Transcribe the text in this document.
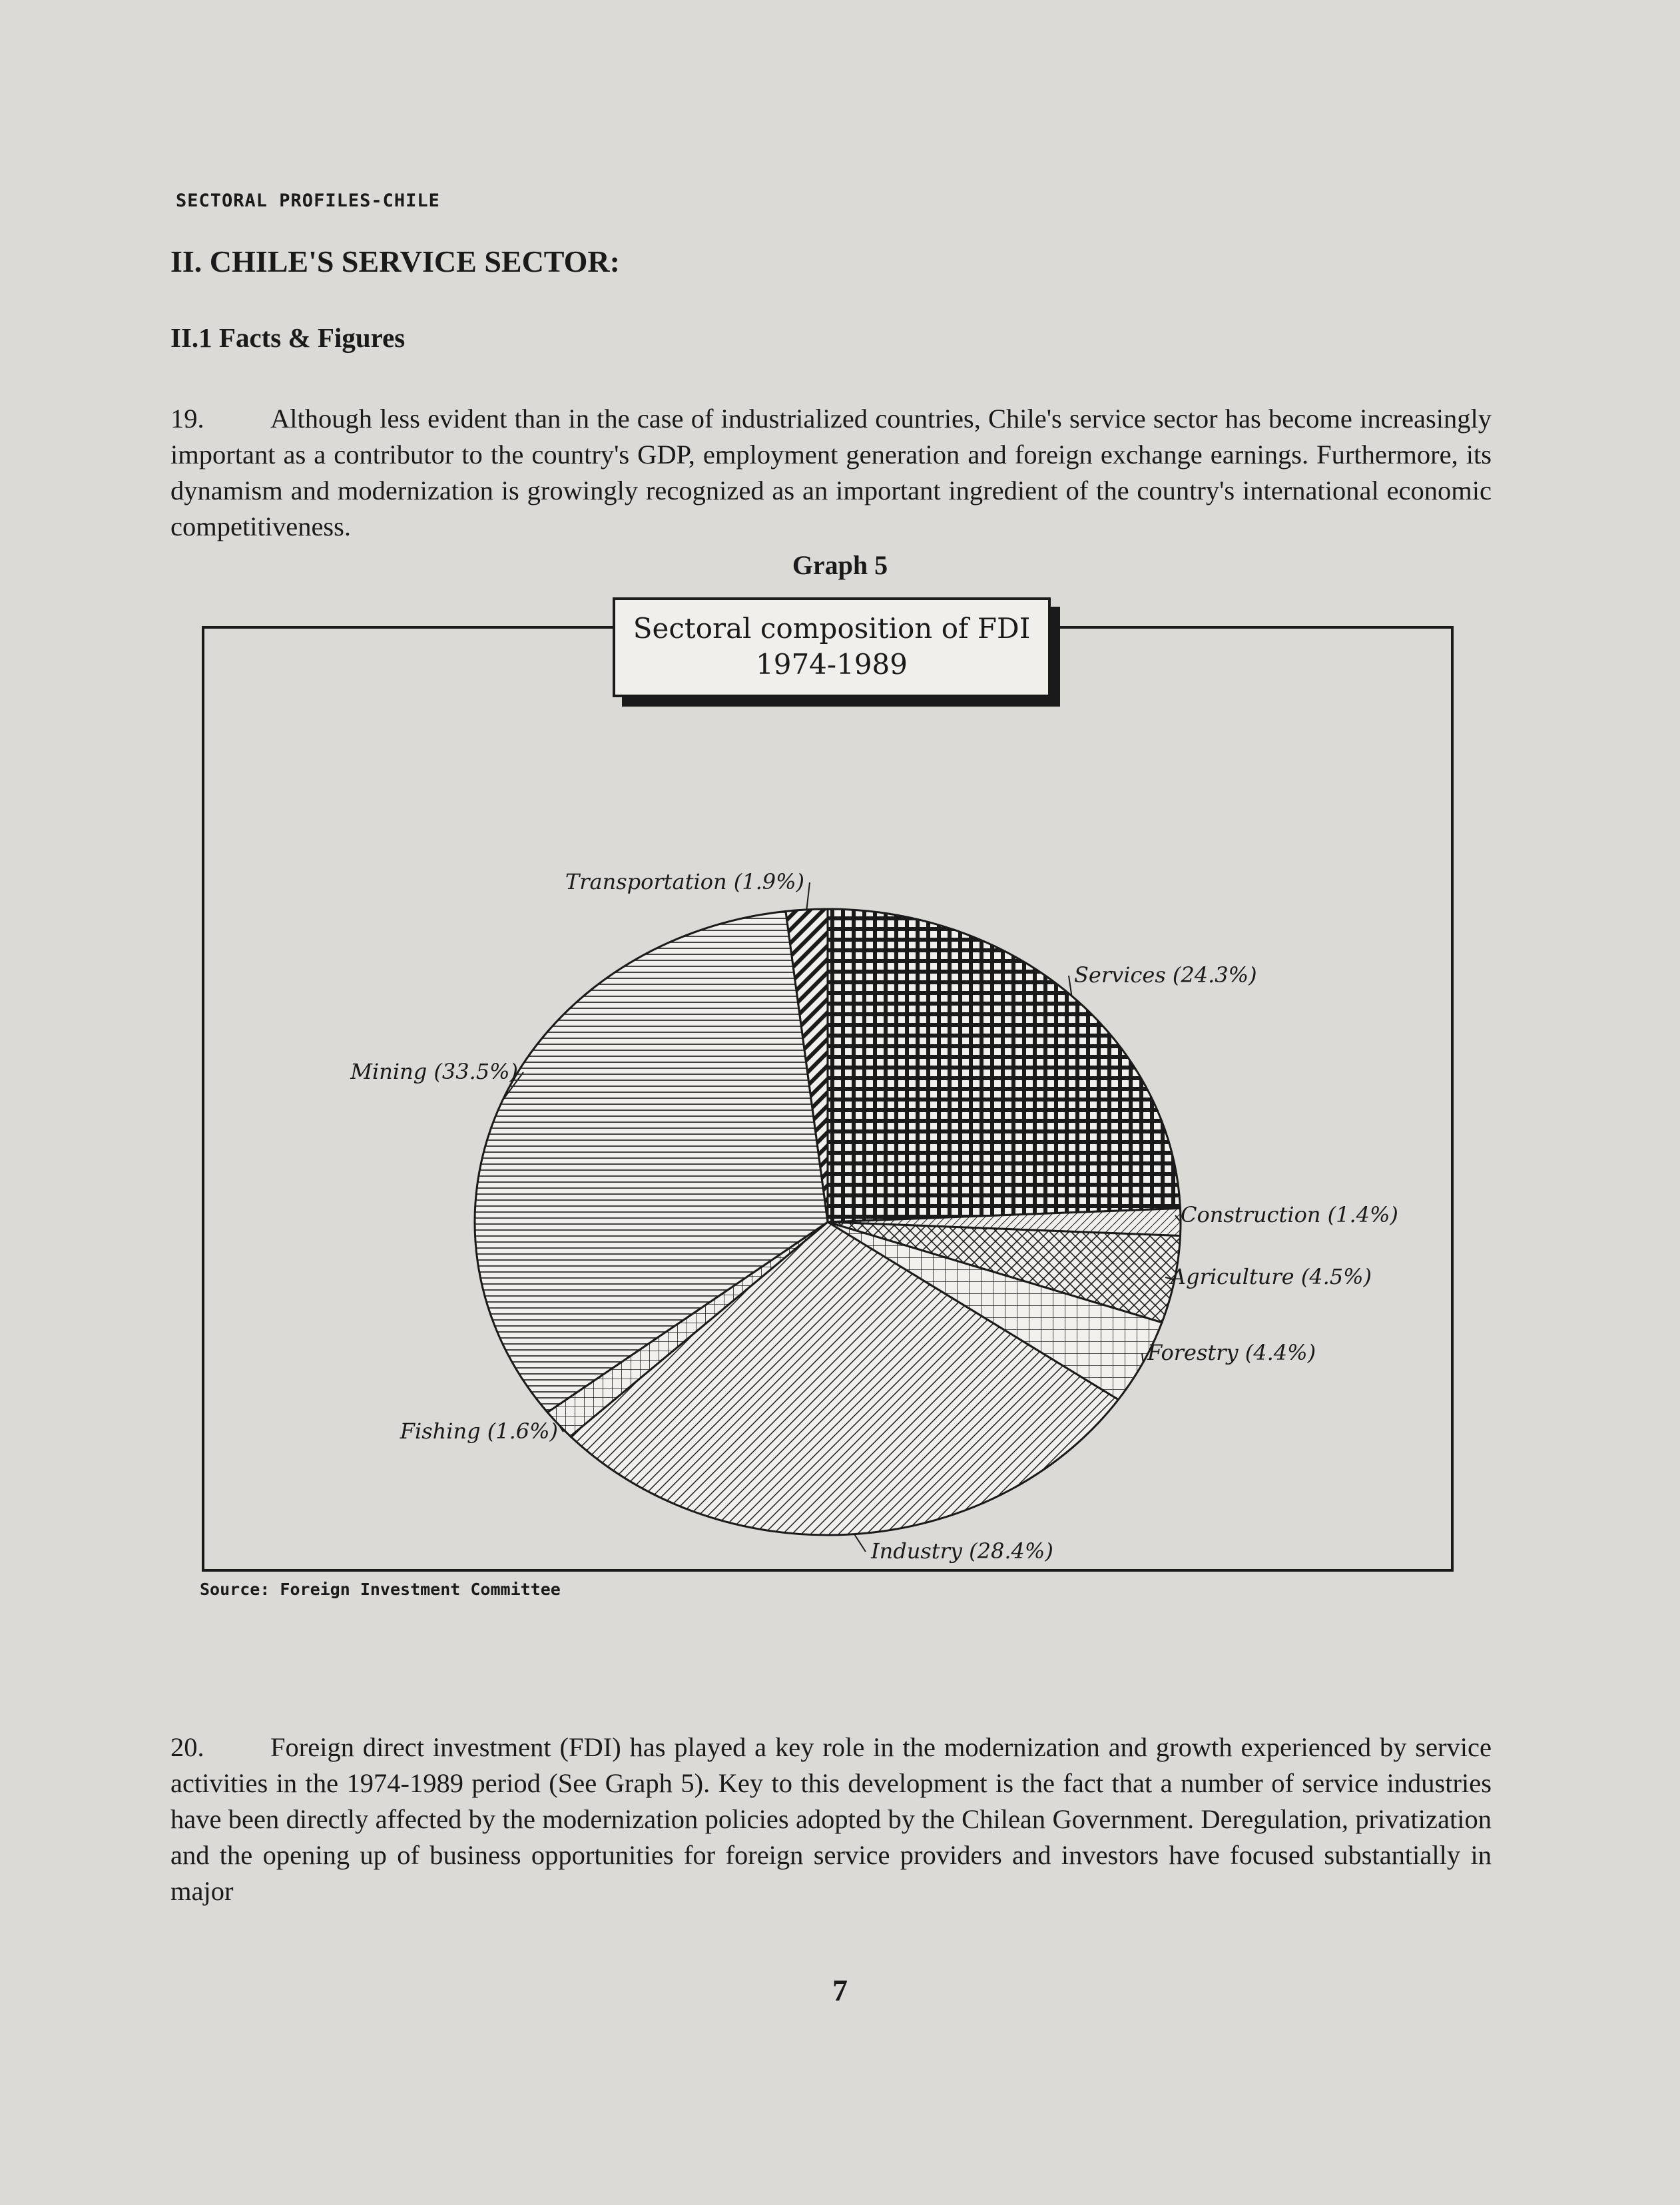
SECTORAL PROFILES-CHILE
II. CHILE'S SERVICE SECTOR:
II.1 Facts & Figures
19. Although less evident than in the case of industrialized countries, Chile's service sector has become increasingly important as a contributor to the country's GDP, employment generation and foreign exchange earnings. Furthermore, its dynamism and modernization is growingly recognized as an important ingredient of the country's international economic competitiveness.
Graph 5
Transportation (1.9%)
Services (24.3%)
Construction (1.4%)
Agriculture (4.5%)
Forestry (4.4%)
Industry (28.4%)
Fishing (1.6%)
Mining (33.5%)
Sectoral composition of FDI
1974-1989
Source: Foreign Investment Committee
20. Foreign direct investment (FDI) has played a key role in the modernization and growth experienced by service activities in the 1974-1989 period (See Graph 5). Key to this development is the fact that a number of service industries have been directly affected by the modernization policies adopted by the Chilean Government. Deregulation, privatization and the opening up of business opportunities for foreign service providers and investors have focused substantially in major
7
